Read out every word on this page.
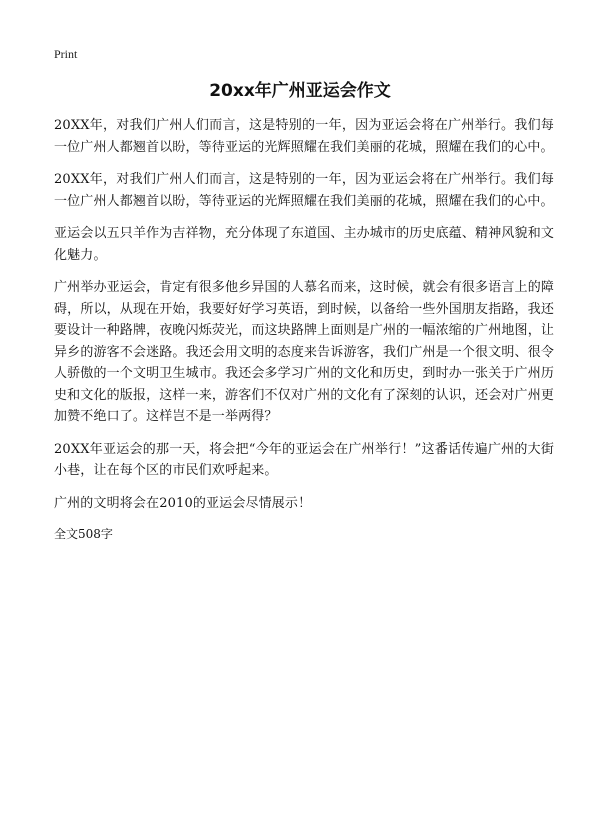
Print
20xx年广州亚运会作文

20XX年，对我们广州人们而言，这是特别的一年，因为亚运会将在广州举行。我们每一位广州人都翘首以盼，等待亚运的光辉照耀在我们美丽的花城，照耀在我们的心中。

20XX年，对我们广州人们而言，这是特别的一年，因为亚运会将在广州举行。我们每一位广州人都翘首以盼，等待亚运的光辉照耀在我们美丽的花城，照耀在我们的心中。

亚运会以五只羊作为吉祥物，充分体现了东道国、主办城市的历史底蕴、精神风貌和文化魅力。

广州举办亚运会，肯定有很多他乡异国的人慕名而来，这时候，就会有很多语言上的障碍，所以，从现在开始，我要好好学习英语，到时候，以备给一些外国朋友指路，我还要设计一种路牌，夜晚闪烁荧光，而这块路牌上面则是广州的一幅浓缩的广州地图，让异乡的游客不会迷路。我还会用文明的态度来告诉游客，我们广州是一个很文明、很令人骄傲的一个文明卫生城市。我还会多学习广州的文化和历史，到时办一张关于广州历史和文化的版报，这样一来，游客们不仅对广州的文化有了深刻的认识，还会对广州更加赞不绝口了。这样岂不是一举两得？

20XX年亚运会的那一天，将会把“今年的亚运会在广州举行！”这番话传遍广州的大街小巷，让在每个区的市民们欢呼起来。

广州的文明将会在2010的亚运会尽情展示！

全文508字
